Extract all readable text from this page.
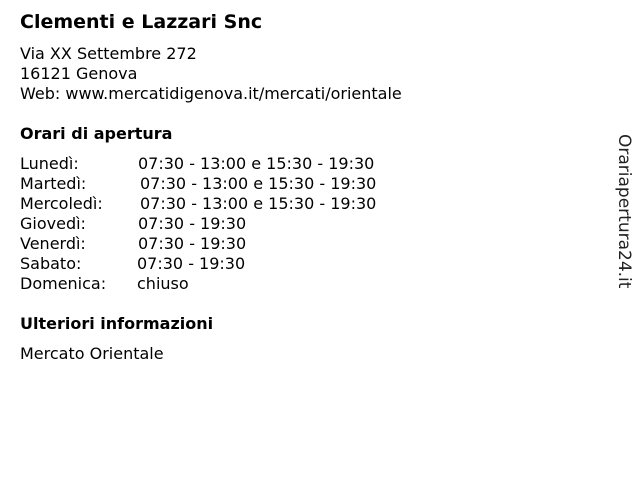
Clementi e Lazzari Snc
Via XX Settembre 272
16121 Genova
Web: www.mercatidigenova.it/mercati/orientale
Orari di apertura
Lunedì:	07:30 - 13:00 e 15:30 - 19:30
Martedì:	07:30 - 13:00 e 15:30 - 19:30
Mercoledì: 07:30 - 13:00 e 15:30 - 19:30
Giovedì:	07:30 - 19:30
Venerdì:	07:30 - 19:30
Sabato:	07:30 - 19:30
Domenica: chiuso
Ulteriori informazioni
Mercato Orientale
Orariapertura24.it
